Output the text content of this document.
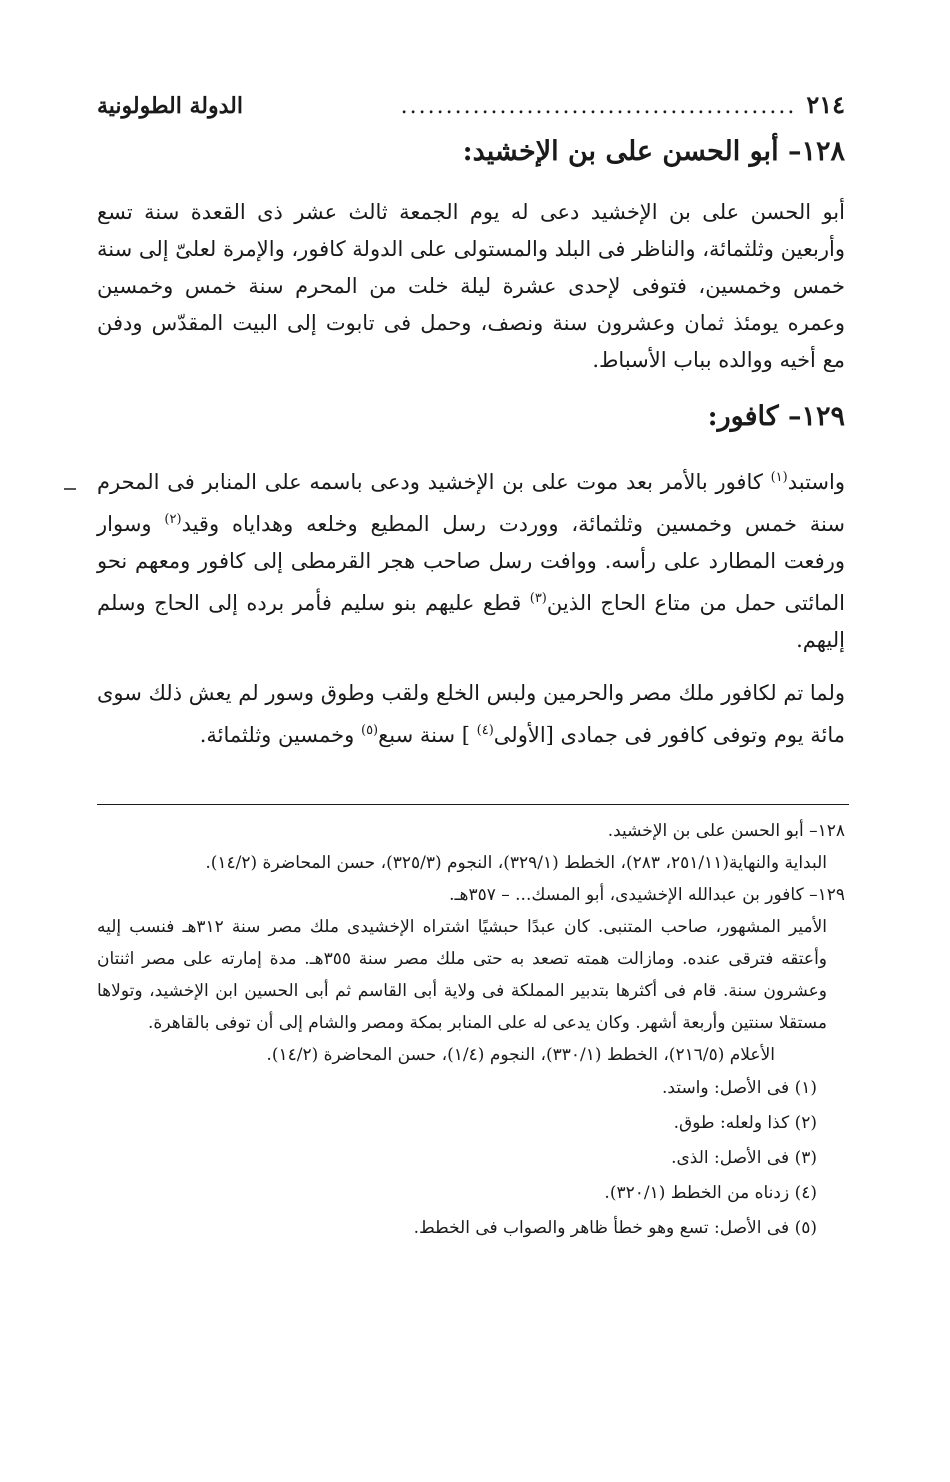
٢١٤
............................................
الدولة الطولونية
١٢٨– أبو الحسن على بن الإخشيد:

أبو الحسن على بن الإخشيد دعى له يوم الجمعة ثالث عشر ذى القعدة سنة تسع وأربعين وثلثمائة، والناظر فى البلد والمستولى على الدولة كافور، والإمرة لعلىّ إلى سنة خمس وخمسين، فتوفى لإحدى عشرة ليلة خلت من المحرم سنة خمس وخمسين وعمره يومئذ ثمان وعشرون سنة ونصف، وحمل فى تابوت إلى البيت المقدّس ودفن مع أخيه ووالده بباب الأسباط.

١٢٩– كافور:

واستبد$^{(١)}$ كافور بالأمر بعد موت على بن الإخشيد ودعى باسمه على المنابر فى المحرم سنة خمس وخمسين وثلثمائة، ووردت رسل المطيع وخلعه وهداياه وقيد$^{(٢)}$ وسوار ورفعت المطارد على رأسه. ووافت رسل صاحب هجر القرمطى إلى كافور ومعهم نحو المائتى حمل من متاع الحاج الذين$^{(٣)}$ قطع عليهم بنو سليم فأمر برده إلى الحاج وسلم إليهم.

ولما تم لكافور ملك مصر والحرمين ولبس الخلع ولقب وطوق وسور لم يعش ذلك سوى مائة يوم وتوفى كافور فى جمادى [الأولى$^{(٤)}$ ] سنة سبع$^{(٥)}$ وخمسين وثلثمائة.

١٢٨– أبو الحسن على بن الإخشيد.

البداية والنهاية(٢٥١/١١، ٢٨٣)، الخطط (٣٢٩/١)، النجوم (٣٢٥/٣)، حسن المحاضرة (١٤/٢).

١٢٩– كافور بن عبدالله الإخشيدى، أبو المسك... – ٣٥٧هـ.

الأمير المشهور، صاحب المتنبى. كان عبدًا حبشيًا اشتراه الإخشيدى ملك مصر سنة ٣١٢هـ فنسب إليه وأعتقه فترقى عنده. ومازالت همته تصعد به حتى ملك مصر سنة ٣٥٥هـ. مدة إمارته على مصر اثنتان وعشرون سنة. قام فى أكثرها بتدبير المملكة فى ولاية أبى القاسم ثم أبى الحسين ابن الإخشيد، وتولاها مستقلا سنتين وأربعة أشهر. وكان يدعى له على المنابر بمكة ومصر والشام إلى أن توفى بالقاهرة.

الأعلام (٢١٦/٥)، الخطط (٣٣٠/١)، النجوم (١/٤)، حسن المحاضرة (١٤/٢).

(١) فى الأصل: واستد.

(٢) كذا ولعله: طوق.

(٣) فى الأصل: الذى.

(٤) زدناه من الخطط (٣٢٠/١).

(٥) فى الأصل: تسع وهو خطأ ظاهر والصواب فى الخطط.
